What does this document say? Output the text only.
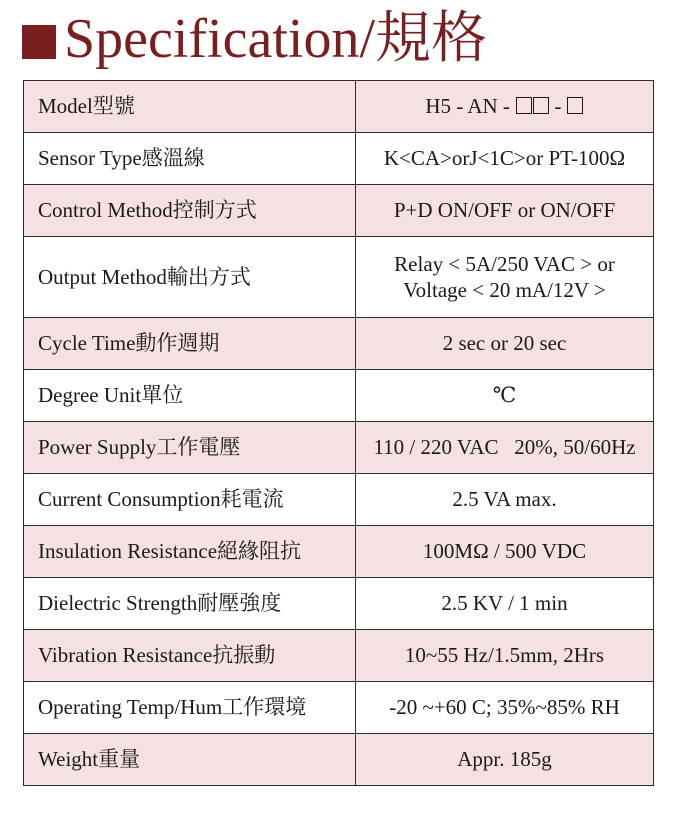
Specification/規格
Model型號	H5 - AN -  -
Sensor Type感溫線	K<CA>orJ<1C>or PT-100Ω
Control Method控制方式	P+D ON/OFF or ON/OFF
Output Method輸出方式	Relay < 5A/250 VAC > or
Voltage < 20 mA/12V >

Cycle Time動作週期	2 sec or 20 sec
Degree Unit單位	℃
Power Supply工作電壓	110 / 220 VAC   20%, 50/60Hz
Current Consumption耗電流	2.5 VA max.
Insulation Resistance絕緣阻抗	100MΩ / 500 VDC
Dielectric Strength耐壓強度	2.5 KV / 1 min
Vibration Resistance抗振動	10~55 Hz/1.5mm, 2Hrs
Operating Temp/Hum工作環境	-20 ~+60 C; 35%~85% RH
Weight重量	Appr. 185g
